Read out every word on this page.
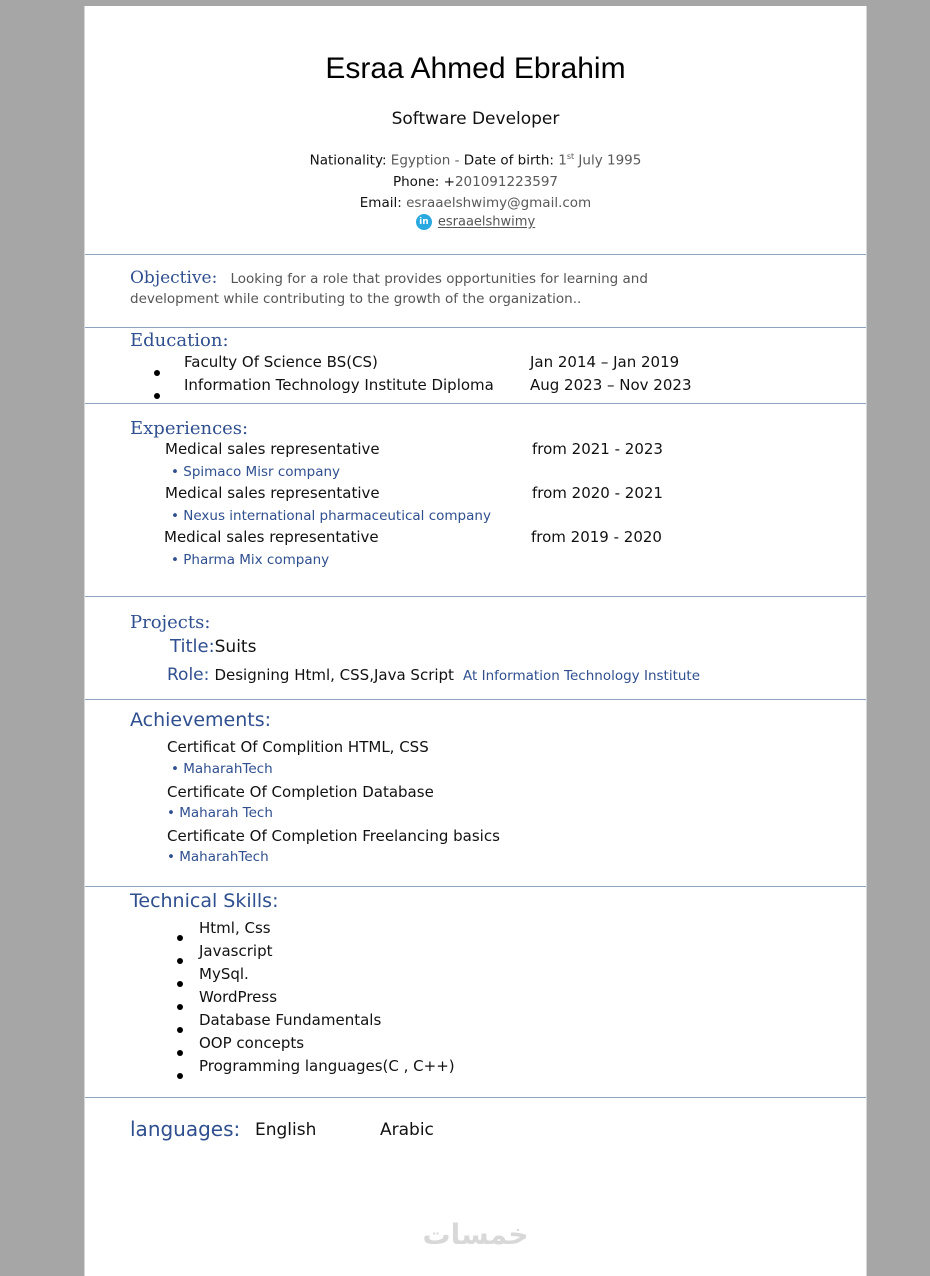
Esraa Ahmed Ebrahim
Software Developer
Nationality: Egyption - Date of birth: 1st July 1995
Phone: +201091223597
Email: esraaelshwimy@gmail.com
in esraaelshwimy
Objective: Looking for a role that provides opportunities for learning and
development while contributing to the growth of the organization..
Education:
Faculty Of Science BS(CS)	Jan 2014 – Jan 2019
Information Technology Institute Diploma Aug 2023 – Nov 2023
Experiences:
Medical sales representative	from 2021 - 2023
• Spimaco Misr company
Medical sales representative	from 2020 - 2021
• Nexus international pharmaceutical company
Medical sales representative	from 2019 - 2020
• Pharma Mix company
Projects:
Title:Suits
Role: Designing Html, CSS,Java Script At Information Technology Institute
Achievements:
Certificat Of Complition HTML, CSS
• MaharahTech
Certificate Of Completion Database
• Maharah Tech
Certificate Of Completion Freelancing basics
• MaharahTech
Technical Skills:
Html, Css
Javascript
MySql.
WordPress
Database Fundamentals
OOP concepts
Programming languages(C , C++)
languages: English	Arabic
خمسات
